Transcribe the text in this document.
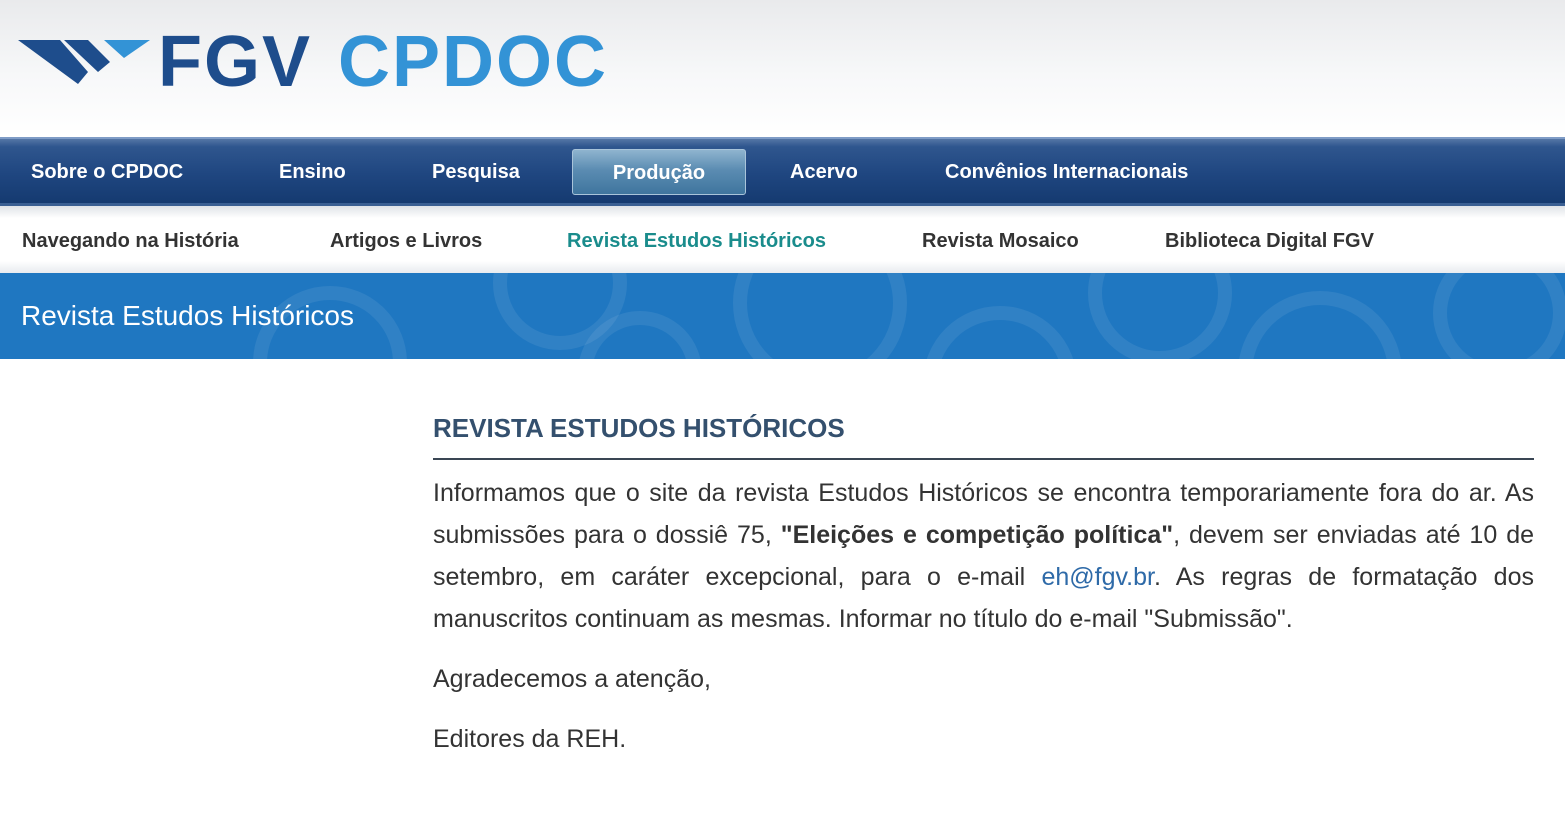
FGV CPDOC
Sobre o CPDOC	Ensino	Pesquisa	Produção	Acervo	Convênios Internacionais
Navegando na História	Artigos e Livros	Revista Estudos Históricos	Revista Mosaico	Biblioteca Digital FGV
Revista Estudos Históricos
REVISTA ESTUDOS HISTÓRICOS

Informamos que o site da revista Estudos Históricos se encontra temporariamente fora do ar. As submissões para o dossiê 75, "Eleições e competição política", devem ser enviadas até 10 de setembro, em caráter excepcional, para o e-mail eh@fgv.br. As regras de formatação dos manuscritos continuam as mesmas. Informar no título do e-mail "Submissão".

Agradecemos a atenção,

Editores da REH.
